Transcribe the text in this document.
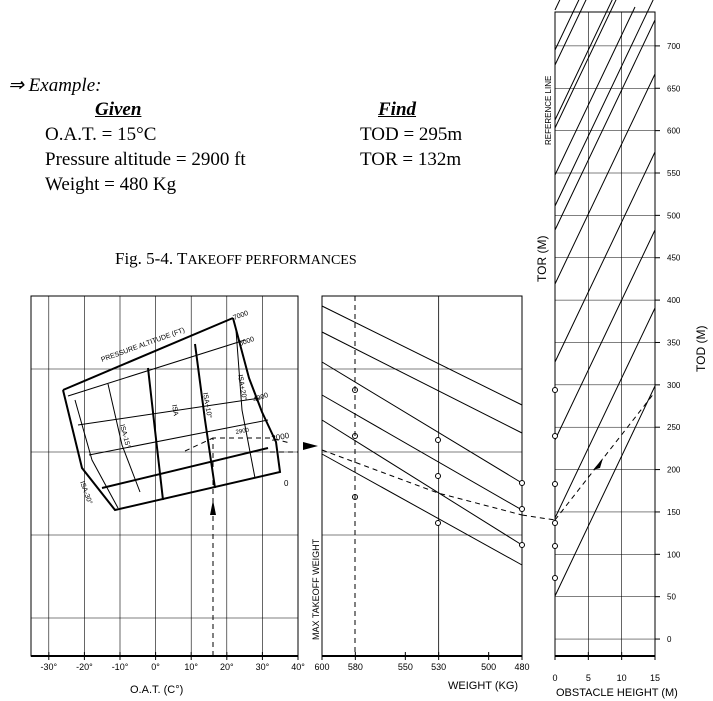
⇒ Example:
Given	Find
O.A.T. = 15°C
Pressure altitude = 2900 ft
Weight = 480 Kg
TOD = 295m
TOR = 132m
Fig. 5-4. TAKEOFF PERFORMANCES
PRESSURE ALTITUDE (FT)
7000
6000
4000
2900	2000
0
ISA-30°
ISA-15°
ISA	ISA+10°
ISA+20°
-30° -20° -10°	0°	10° 20° 30° 40°
O.A.T. (C°)
600 580	550 530	500 480
WEIGHT (KG)
MAX TAKEOFF WEIGHT	0
50
100
150
200
250
300
350
400
450
500
550
600
650
700
0	5	10	15
OBSTACLE HEIGHT (M)
TOR (M)
TOD (M)
REFERENCE LINE
